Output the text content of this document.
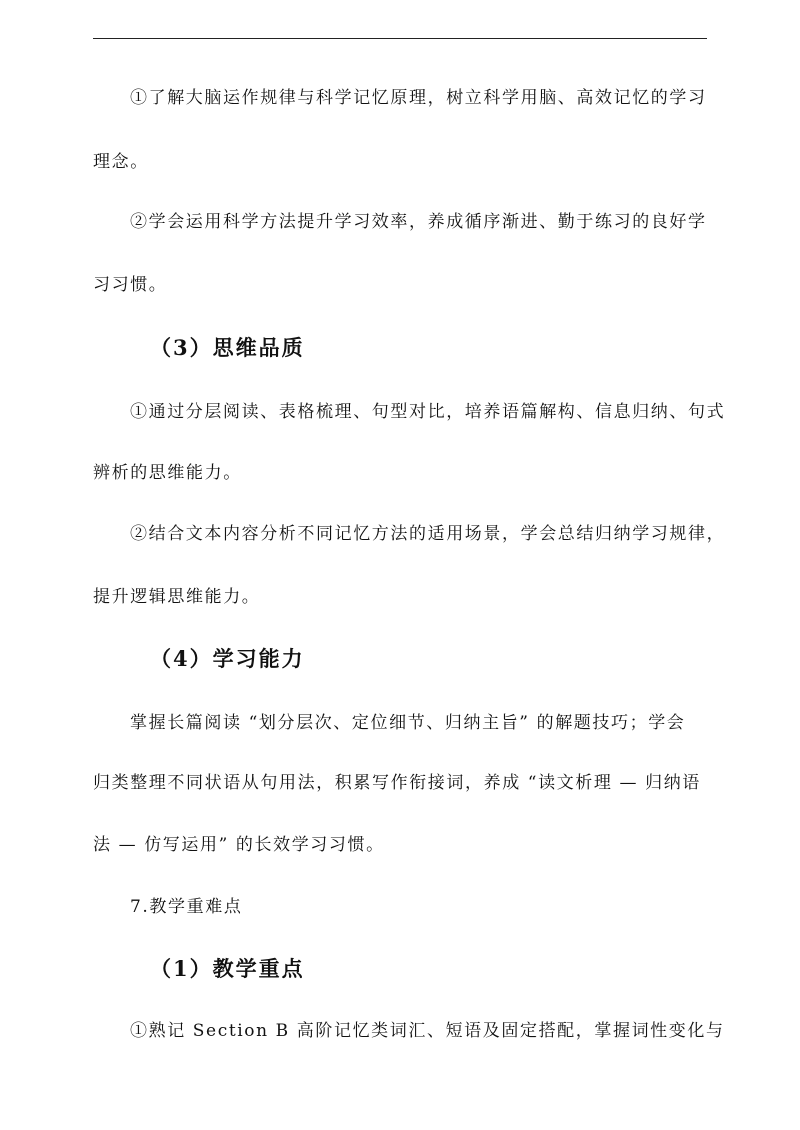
①了解大脑运作规律与科学记忆原理，树立科学用脑、高效记忆的学习

理念。

②学会运用科学方法提升学习效率，养成循序渐进、勤于练习的良好学

习习惯。

（3）思维品质

①通过分层阅读、表格梳理、句型对比，培养语篇解构、信息归纳、句式

辨析的思维能力。

②结合文本内容分析不同记忆方法的适用场景，学会总结归纳学习规律，

提升逻辑思维能力。

（4）学习能力

掌握长篇阅读 “划分层次、定位细节、归纳主旨” 的解题技巧；学会

归类整理不同状语从句用法，积累写作衔接词，养成 “读文析理 — 归纳语

法 — 仿写运用” 的长效学习习惯。

7.教学重难点

（1）教学重点

①熟记 Section B 高阶记忆类词汇、短语及固定搭配，掌握词性变化与
